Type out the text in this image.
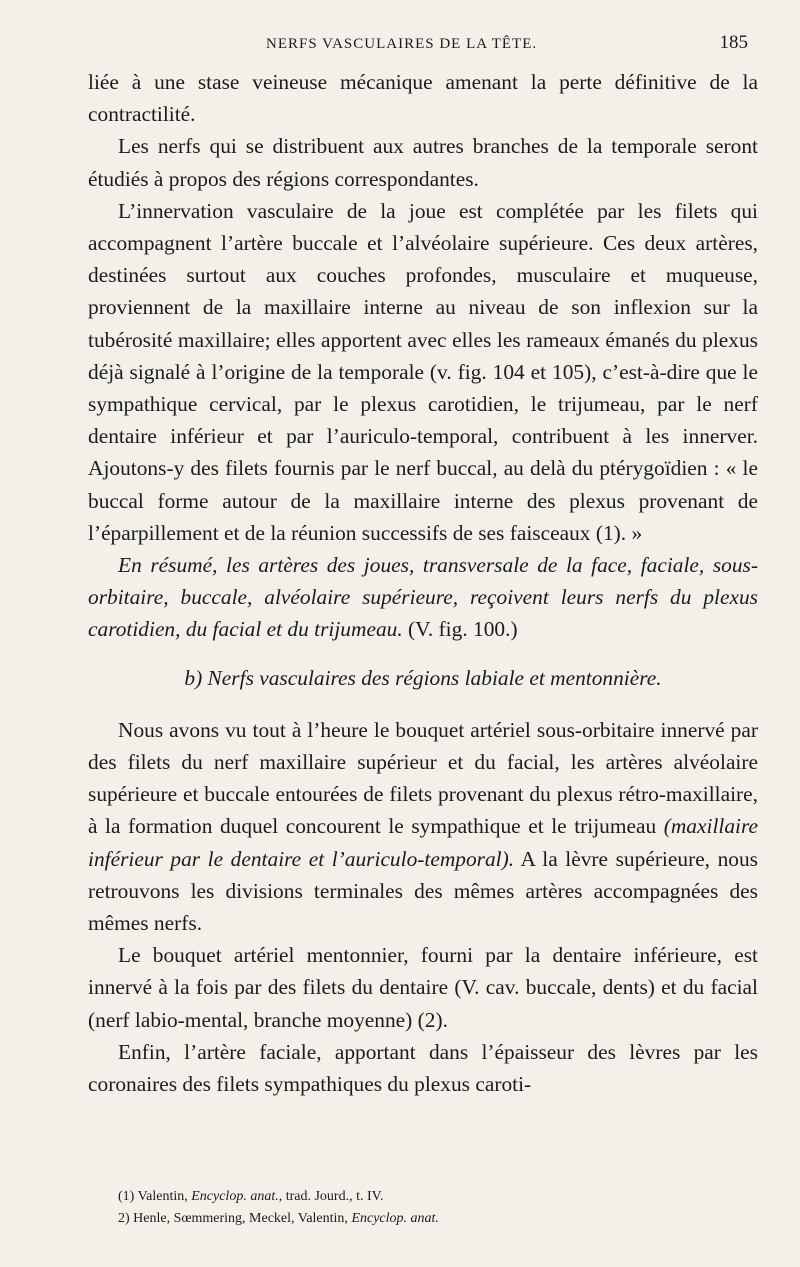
NERFS VASCULAIRES DE LA TÊTE.	185

liée à une stase veineuse mécanique amenant la perte définitive de la contractilité.

Les nerfs qui se distribuent aux autres branches de la temporale seront étudiés à propos des régions correspondantes.

L’innervation vasculaire de la joue est complétée par les filets qui accompagnent l’artère buccale et l’alvéolaire supérieure. Ces deux artères, destinées surtout aux couches profondes, musculaire et muqueuse, proviennent de la maxillaire interne au niveau de son inflexion sur la tubérosité maxillaire; elles apportent avec elles les rameaux émanés du plexus déjà signalé à l’origine de la temporale (v. fig. 104 et 105), c’est-à-dire que le sympathique cervical, par le plexus carotidien, le trijumeau, par le nerf dentaire inférieur et par l’auriculo-temporal, contribuent à les innerver. Ajoutons-y des filets fournis par le nerf buccal, au delà du ptérygoïdien : « le buccal forme autour de la maxillaire interne des plexus provenant de l’éparpillement et de la réunion successifs de ses faisceaux (1). »

En résumé, les artères des joues, transversale de la face, faciale, sous-orbitaire, buccale, alvéolaire supérieure, reçoivent leurs nerfs du plexus carotidien, du facial et du trijumeau. (V. fig. 100.)

b) Nerfs vasculaires des régions labiale et mentonnière.

Nous avons vu tout à l’heure le bouquet artériel sous-orbitaire innervé par des filets du nerf maxillaire supérieur et du facial, les artères alvéolaire supérieure et buccale entourées de filets provenant du plexus rétro-maxillaire, à la formation duquel concourent le sympathique et le trijumeau (maxillaire inférieur par le dentaire et l’auriculo-temporal). A la lèvre supérieure, nous retrouvons les divisions terminales des mêmes artères accompagnées des mêmes nerfs.

Le bouquet artériel mentonnier, fourni par la dentaire inférieure, est innervé à la fois par des filets du dentaire (V. cav. buccale, dents) et du facial (nerf labio-mental, branche moyenne) (2).

Enfin, l’artère faciale, apportant dans l’épaisseur des lèvres par les coronaires des filets sympathiques du plexus caroti-

(1) Valentin, Encyclop. anat., trad. Jourd., t. IV.

2) Henle, Sœmmering, Meckel, Valentin, Encyclop. anat.
